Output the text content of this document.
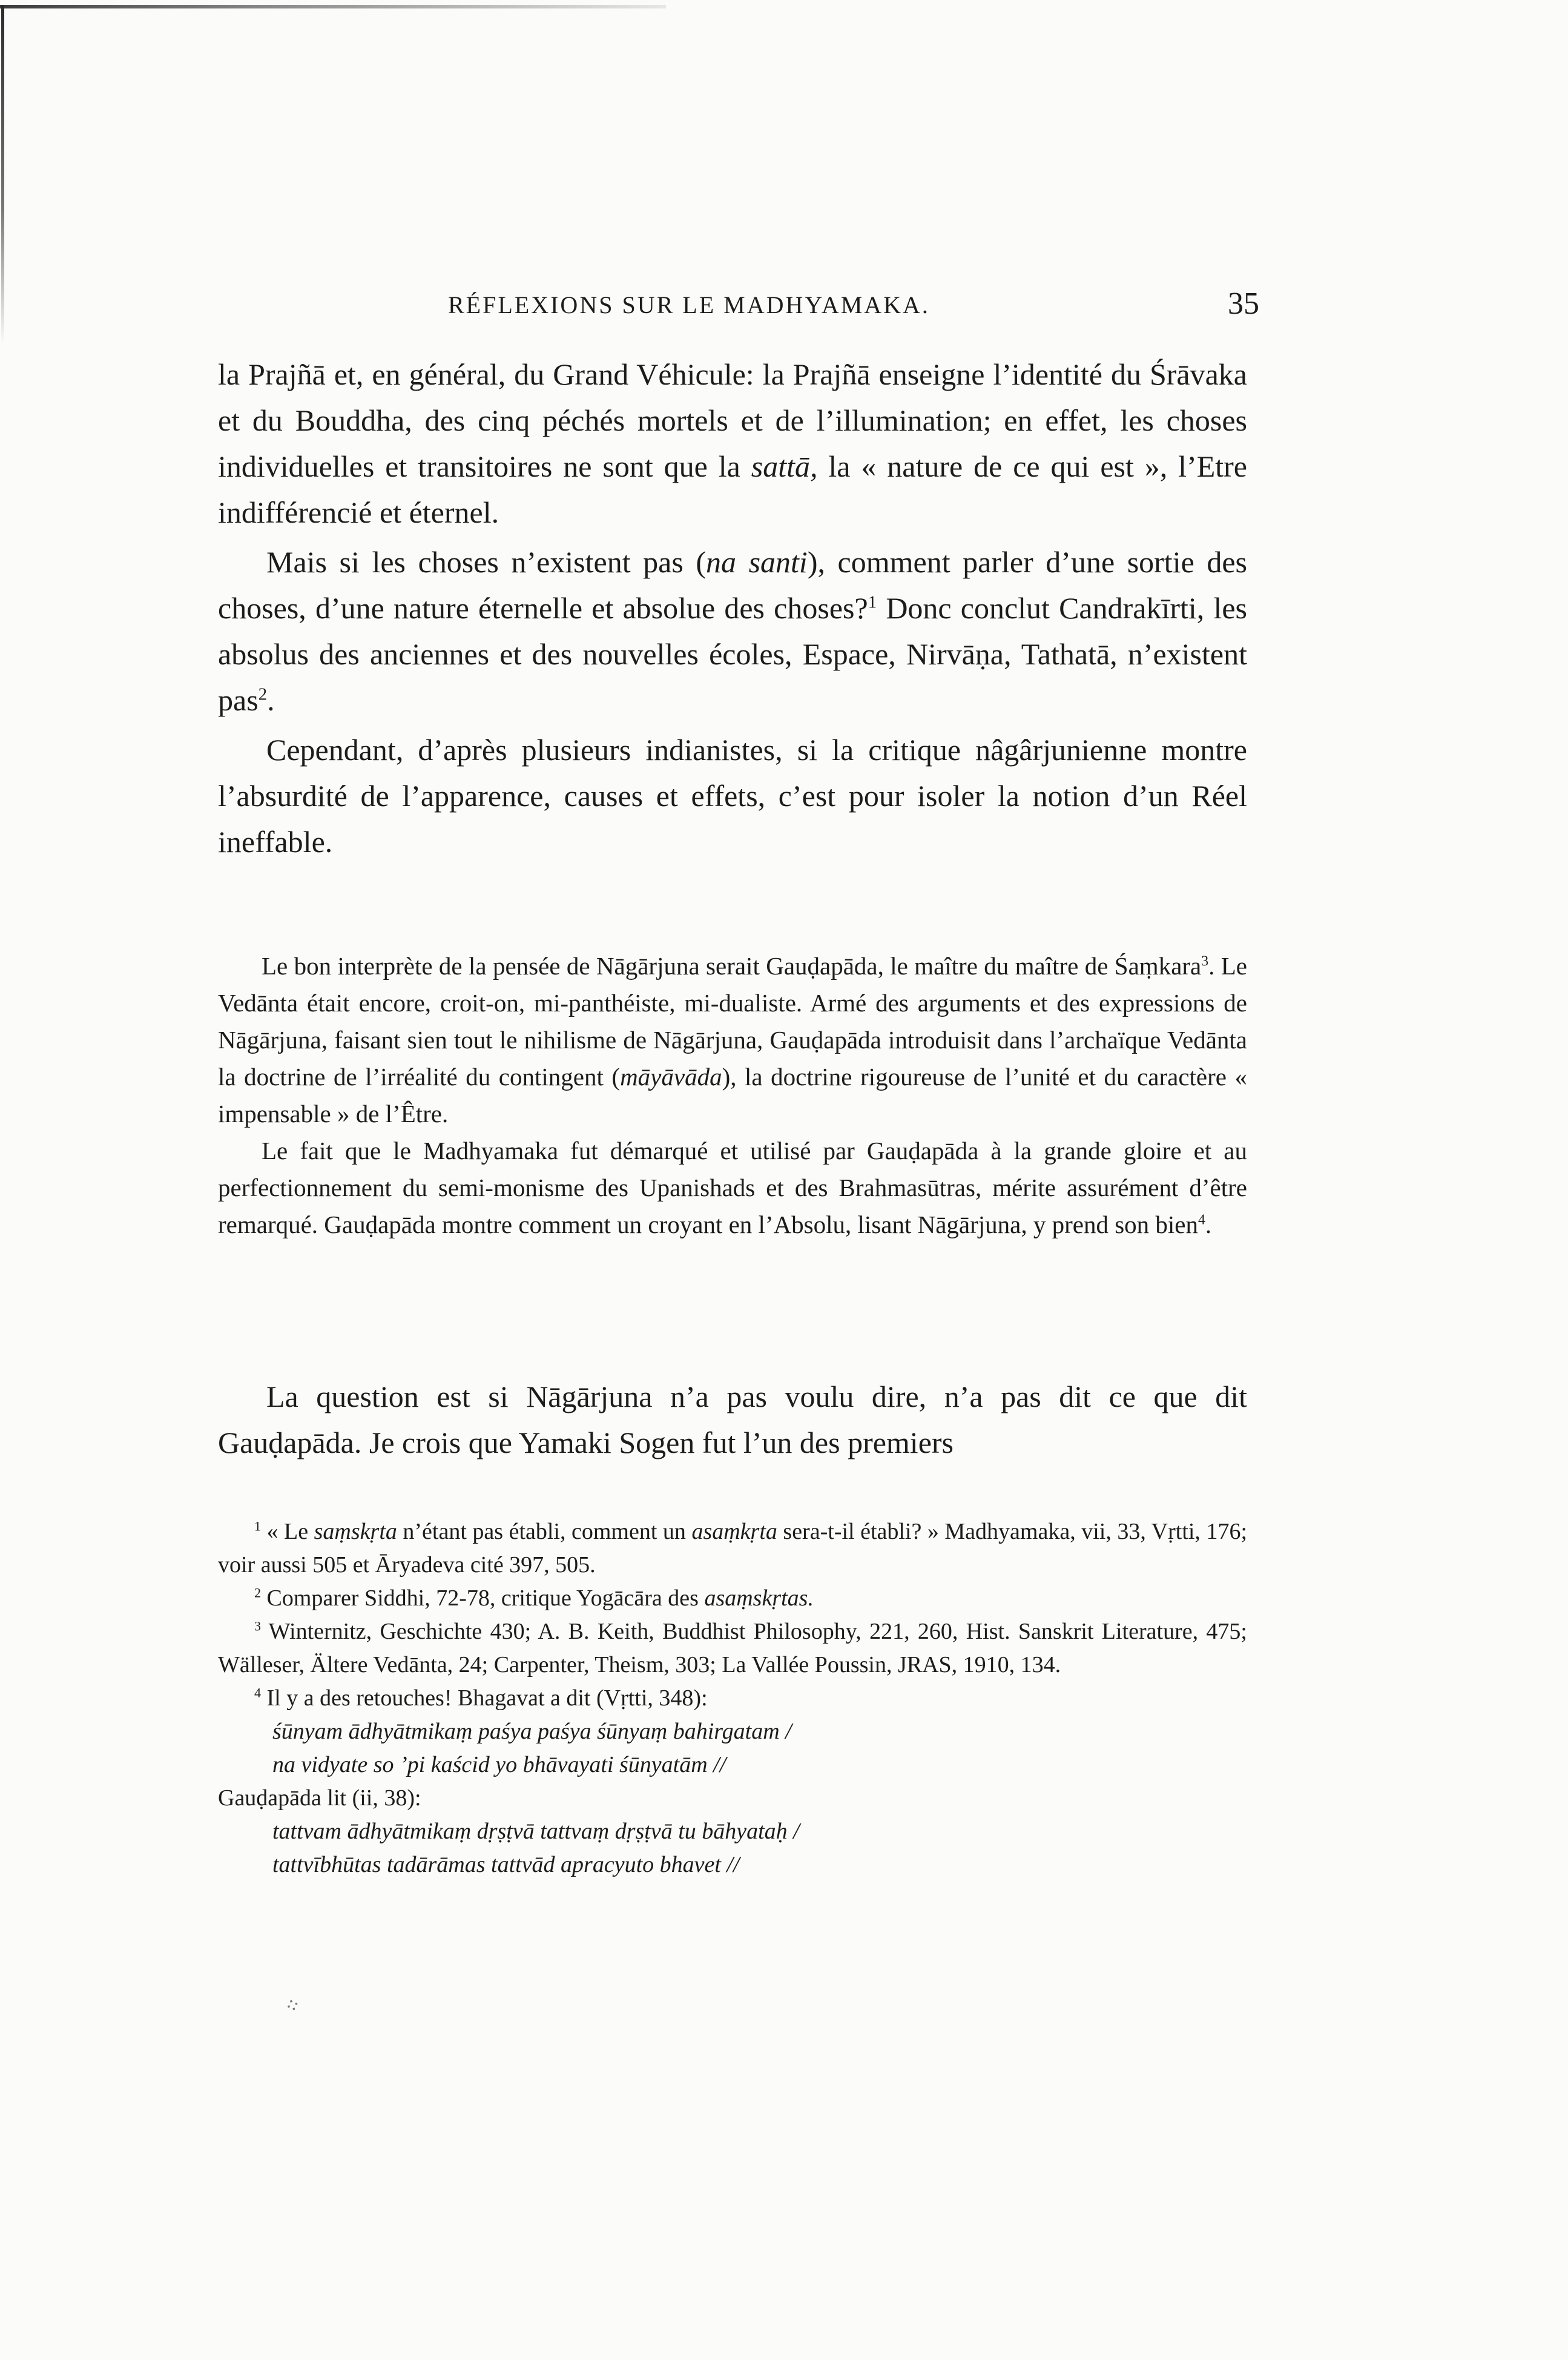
RÉFLEXIONS SUR LE MADHYAMAKA.	35

la Prajñā et, en général, du Grand Véhicule: la Prajñā enseigne l’identité du Śrāvaka et du Bouddha, des cinq péchés mortels et de l’illumination; en effet, les choses individuelles et transitoires ne sont que la sattā, la « nature de ce qui est », l’Etre indifférencié et éternel.

Mais si les choses n’existent pas (na santi), comment parler d’une sortie des choses, d’une nature éternelle et absolue des choses?$^1$ Donc conclut Candrakīrti, les absolus des anciennes et des nouvelles écoles, Espace, Nirvāṇa, Tathatā, n’existent pas$^2$.

Cependant, d’après plusieurs indianistes, si la critique nâgârjunienne montre l’absurdité de l’apparence, causes et effets, c’est pour isoler la notion d’un Réel ineffable.

Le bon interprète de la pensée de Nāgārjuna serait Gauḍapāda, le maître du maître de Śaṃkara$^3$. Le Vedānta était encore, croit-on, mi-panthéiste, mi-dualiste. Armé des arguments et des expressions de Nāgārjuna, faisant sien tout le nihilisme de Nāgārjuna, Gauḍapāda introduisit dans l’archaïque Vedānta la doctrine de l’irréalité du contingent (māyāvāda), la doctrine rigoureuse de l’unité et du caractère « impensable » de l’Être.

Le fait que le Madhyamaka fut démarqué et utilisé par Gauḍapāda à la grande gloire et au perfectionnement du semi-monisme des Upanishads et des Brahmasūtras, mérite assurément d’être remarqué. Gauḍapāda montre comment un croyant en l’Absolu, lisant Nāgārjuna, y prend son bien$^4$.

La question est si Nāgārjuna n’a pas voulu dire, n’a pas dit ce que dit Gauḍapāda. Je crois que Yamaki Sogen fut l’un des premiers

$^1$ « Le saṃskṛta n’étant pas établi, comment un asaṃkṛta sera-t-il établi? » Madhyamaka, vii, 33, Vṛtti, 176; voir aussi 505 et Āryadeva cité 397, 505.

$^2$ Comparer Siddhi, 72-78, critique Yogācāra des asaṃskṛtas.

$^3$ Winternitz, Geschichte 430; A. B. Keith, Buddhist Philosophy, 221, 260, Hist. Sanskrit Literature, 475; Wälleser, Ältere Vedānta, 24; Carpenter, Theism, 303; La Vallée Poussin, JRAS, 1910, 134.

$^4$ Il y a des retouches! Bhagavat a dit (Vṛtti, 348):

śūnyam ādhyātmikaṃ paśya paśya śūnyaṃ bahirgatam /

na vidyate so ’pi kaścid yo bhāvayati śūnyatām //

Gauḍapāda lit (ii, 38):

tattvam ādhyātmikaṃ dṛṣṭvā tattvaṃ dṛṣṭvā tu bāhyataḥ /

tattvībhūtas tadārāmas tattvād apracyuto bhavet //

⁘
